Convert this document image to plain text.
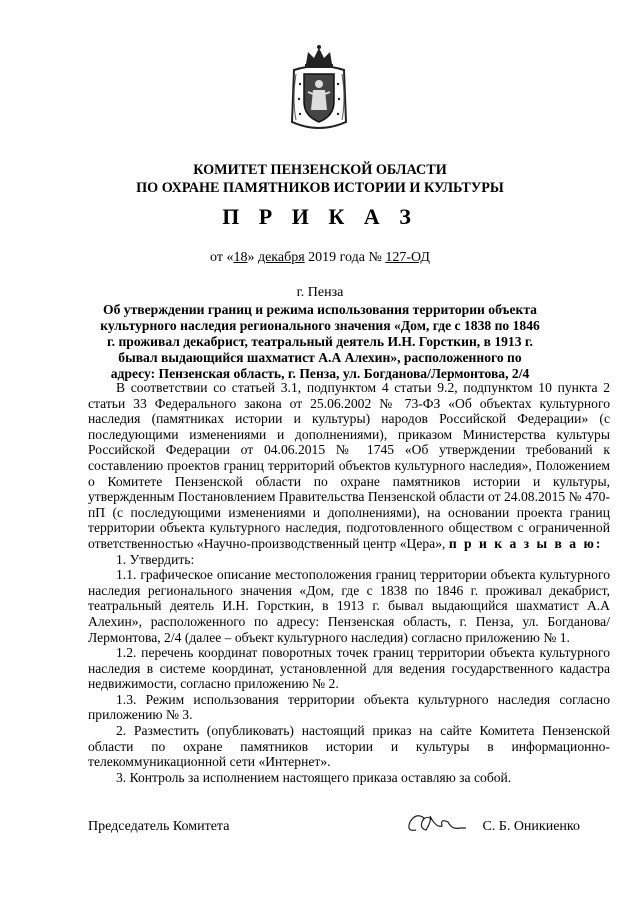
КОМИТЕТ ПЕНЗЕНСКОЙ ОБЛАСТИ
ПО ОХРАНЕ ПАМЯТНИКОВ ИСТОРИИ И КУЛЬТУРЫ
П Р И К А З
от «18» декабря 2019 года № 127-ОД
г. Пенза
Об утверждении границ и режима использования территории объекта культурного наследия регионального значения «Дом, где с 1838 по 1846 г. проживал декабрист, театральный деятель И.Н. Горсткин, в 1913 г. бывал выдающийся шахматист А.А Алехин», расположенного по адресу: Пензенская область, г. Пенза, ул. Богданова/Лермонтова, 2/4

В соответствии со статьей 3.1, подпунктом 4 статьи 9.2, подпунктом 10 пункта 2 статьи 33 Федерального закона от 25.06.2002 № 73-ФЗ «Об объектах культурного наследия (памятниках истории и культуры) народов Российской Федерации» (с последующими изменениями и дополнениями), приказом Министерства культуры Российской Федерации от 04.06.2015 № 1745 «Об утверждении требований к составлению проектов границ территорий объектов культурного наследия», Положением о Комитете Пензенской области по охране памятников истории и культуры, утвержденным Постановлением Правительства Пензенской области от 24.08.2015 № 470-пП (с последующими изменениями и дополнениями), на основании проекта границ территории объекта культурного наследия, подготовленного обществом с ограниченной ответственностью «Научно-производственный центр «Цера», п р и к а з ы в а ю:

1. Утвердить:

1.1. графическое описание местоположения границ территории объекта культурного наследия регионального значения «Дом, где с 1838 по 1846 г. проживал декабрист, театральный деятель И.Н. Горсткин, в 1913 г. бывал выдающийся шахматист А.А Алехин», расположенного по адресу: Пензенская область, г. Пенза, ул. Богданова/Лермонтова, 2/4 (далее – объект культурного наследия) согласно приложению № 1.

1.2. перечень координат поворотных точек границ территории объекта культурного наследия в системе координат, установленной для ведения государственного кадастра недвижимости, согласно приложению № 2.

1.3. Режим использования территории объекта культурного наследия согласно приложению № 3.

2. Разместить (опубликовать) настоящий приказ на сайте Комитета Пензенской области по охране памятников истории и культуры в информационно-телекоммуникационной сети «Интернет».

3. Контроль за исполнением настоящего приказа оставляю за собой.

Председатель Комитета	С. Б. Оникиенко
